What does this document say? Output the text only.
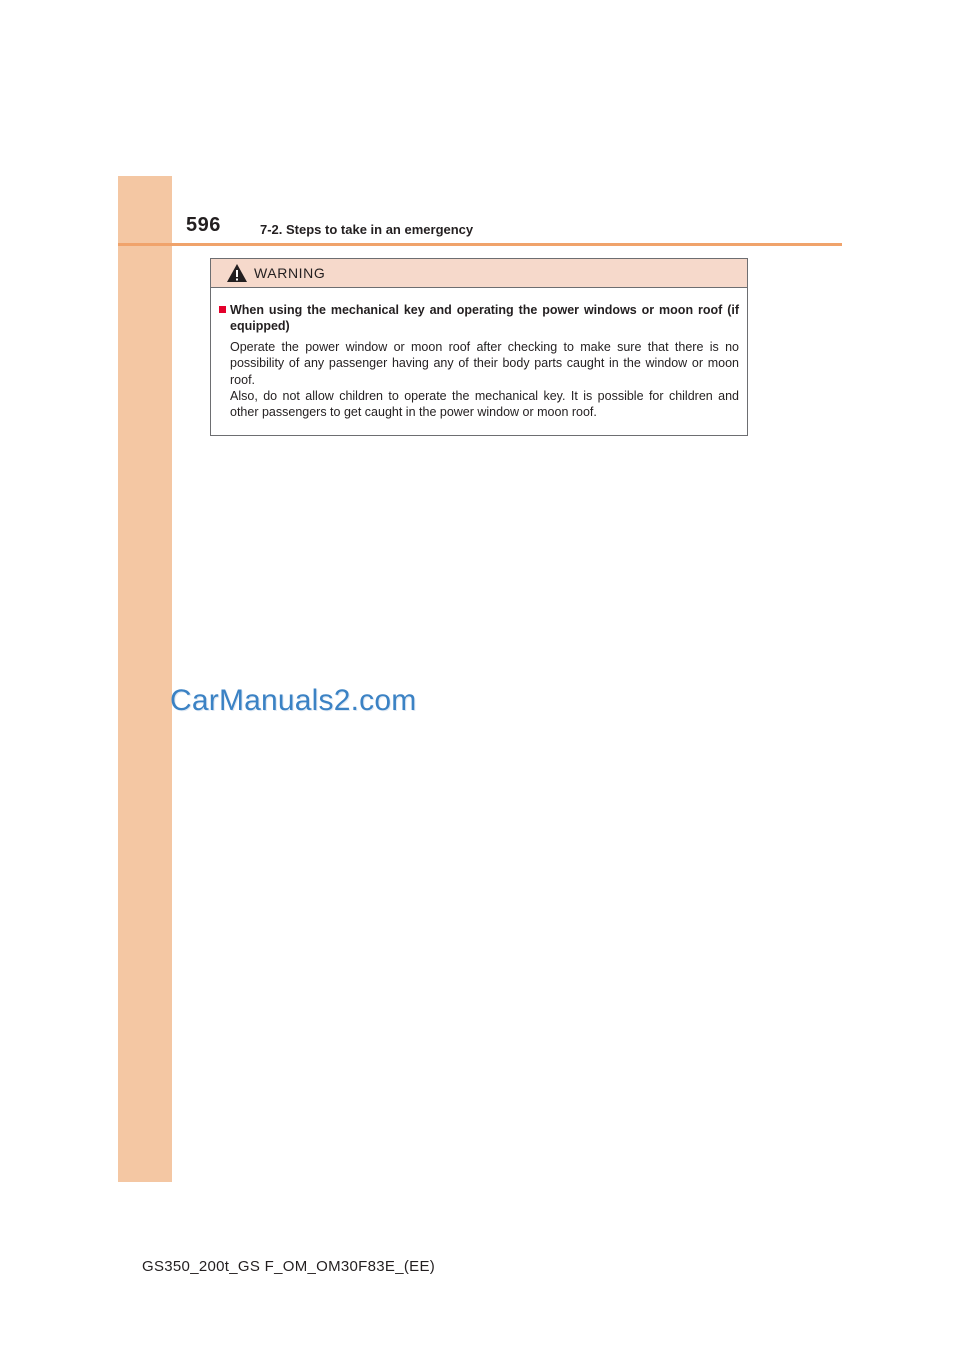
596	7-2. Steps to take in an emergency
WARNING
When using the mechanical key and operating the power windows or moon roof (if equipped)

Operate the power window or moon roof after checking to make sure that there is no possibility of any passenger having any of their body parts caught in the window or moon roof.

Also, do not allow children to operate the mechanical key. It is possible for children and other passengers to get caught in the power window or moon roof.

CarManuals2.com
GS350_200t_GS F_OM_OM30F83E_(EE)
